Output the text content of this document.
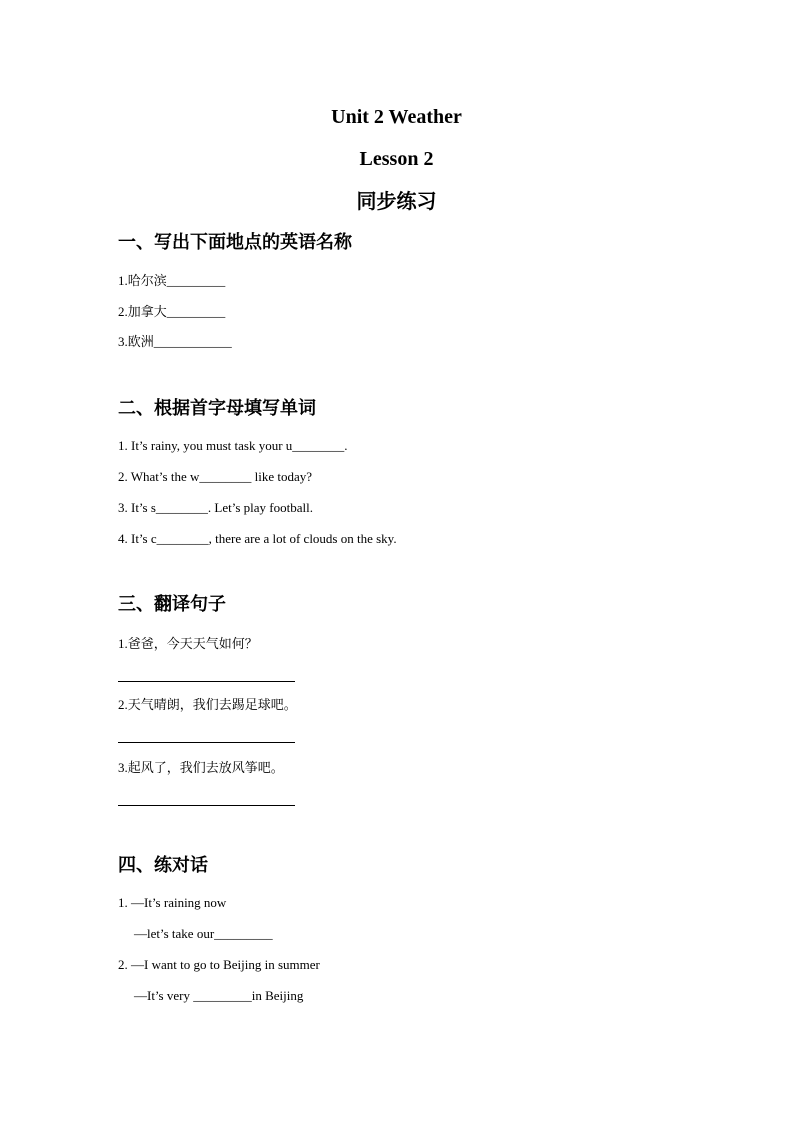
Unit 2 Weather
Lesson 2
同步练习
一、写出下面地点的英语名称
1.哈尔滨_________
2.加拿大_________
3.欧洲____________
二、根据首字母填写单词
1. It’s rainy, you must task your u________.
2. What’s the w________ like today?
3. It’s s________. Let’s play football.
4. It’s c________, there are a lot of clouds on the sky.
三、翻译句子
1.爸爸，今天天气如何？
2.天气晴朗，我们去踢足球吧。
3.起风了，我们去放风筝吧。
四、练对话
1. —It’s raining now
—let’s take our_________
2. —I want to go to Beijing in summer
—It’s very _________in Beijing
